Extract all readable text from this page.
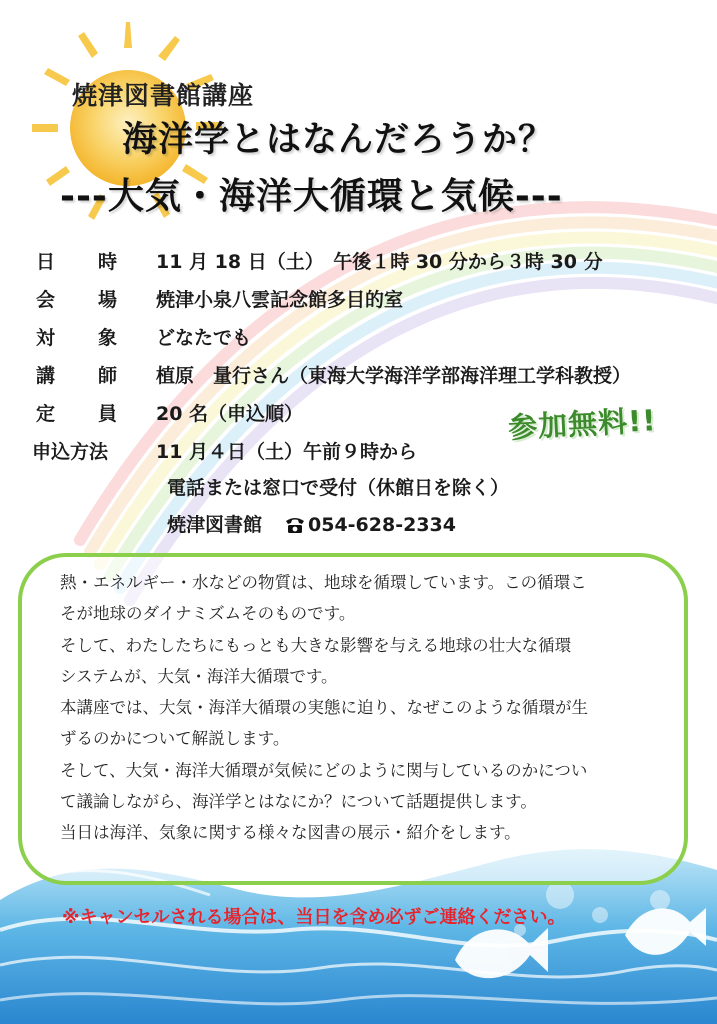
焼津図書館講座
海洋学とはなんだろうか？
---大気・海洋大循環と気候---
日 時 11 月 18 日（土）　午後１時 30 分から３時 30 分
会 場 焼津小泉八雲記念館多目的室
対 象 どなたでも
講 師 植原　量行さん（東海大学海洋学部海洋理工学科教授）
定 員 20 名（申込順）
申込方法	11 月４日（土）午前９時から
電話または窓口で受付（休館日を除く）
焼津図書館 054-628-2334
参加無料!!
熱・エネルギー・水などの物質は、地球を循環しています。この循環こ
そが地球のダイナミズムそのものです。
そして、わたしたちにもっとも大きな影響を与える地球の壮大な循環
システムが、大気・海洋大循環です。
本講座では、大気・海洋大循環の実態に迫り、なぜこのような循環が生
ずるのかについて解説します。
そして、大気・海洋大循環が気候にどのように関与しているのかについ
て議論しながら、海洋学とはなにか？について話題提供します。
当日は海洋、気象に関する様々な図書の展示・紹介をします。
※キャンセルされる場合は、当日を含め必ずご連絡ください。
